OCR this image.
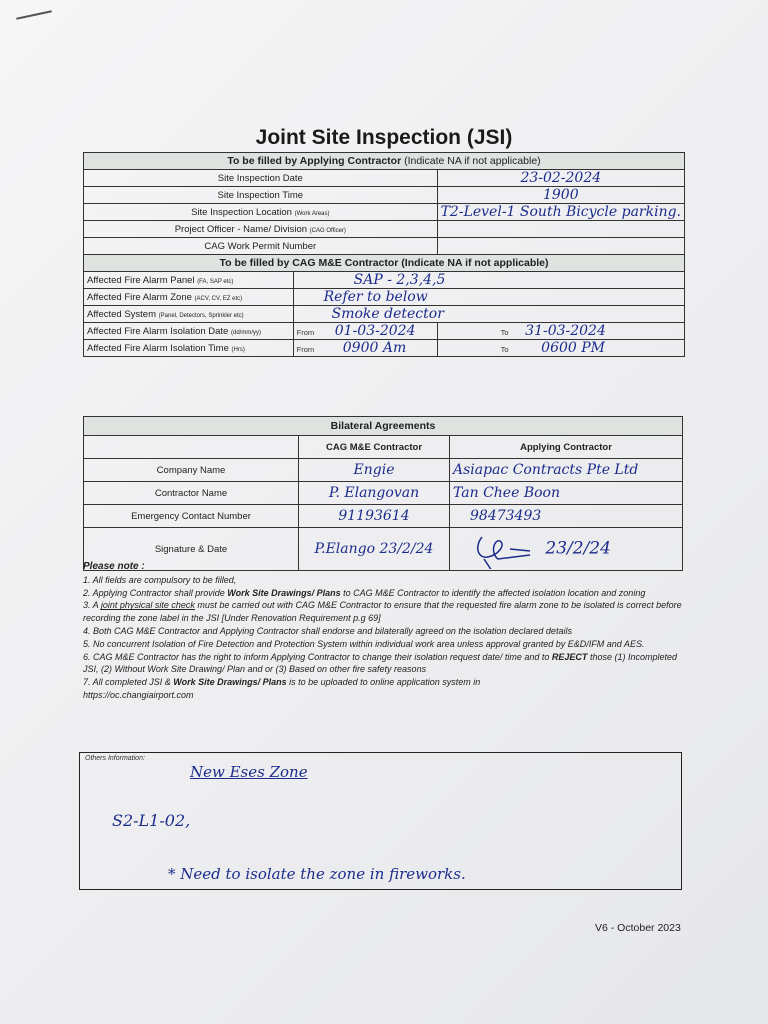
Joint Site Inspection (JSI)
To be filled by Applying Contractor (Indicate NA if not applicable)		
Site Inspection Date		23-02-2024
Site Inspection Time		1900
Site Inspection Location (Work Areas)		T2-Level-1 South Bicycle parking.
Project Officer - Name/ Division (CAG Officer)		
CAG Work Permit Number		
To be filled by CAG M&E Contractor (Indicate NA if not applicable)		
Affected Fire Alarm Panel (FA, SAP etc)	SAP - 2,3,4,5	
Affected Fire Alarm Zone (ACV, CV, EZ etc)	Refer to below	
Affected System (Panel, Detectors, Sprinkler etc)	Smoke detector	
Affected Fire Alarm Isolation Date (dd/mm/yy)	From 01-03-2024	To 31-03-2024
Affected Fire Alarm Isolation Time (Hrs)	From 0900 Am	To 0600 PM
Bilateral Agreements		
	CAG M&E Contractor	Applying Contractor
Company Name	Engie	Asiapac Contracts Pte Ltd
Contractor Name	P. Elangovan	Tan Chee Boon
Emergency Contact Number	91193614	98473493
Signature & Date	P.Elango 23/2/24	23/2/24
Please note :
1. All fields are compulsory to be filled,
2. Applying Contractor shall provide Work Site Drawings/ Plans to CAG M&E Contractor to identify the affected isolation location and zoning
3. A joint physical site check must be carried out with CAG M&E Contractor to ensure that the requested fire alarm zone to be isolated is correct before recording the zone label in the JSI [Under Renovation Requirement p.g 69]
4. Both CAG M&E Contractor and Applying Contractor shall endorse and bilaterally agreed on the isolation declared details
5. No concurrent Isolation of Fire Detection and Protection System within individual work area unless approval granted by E&D/IFM and AES.
6. CAG M&E Contractor has the right to inform Applying Contractor to change their isolation request date/ time and to REJECT those (1) Incompleted JSI, (2) Without Work Site Drawing/ Plan and or (3) Based on other fire safety reasons
7. All completed JSI & Work Site Drawings/ Plans is to be uploaded to online application system in
https://oc.changiairport.com
Others Information:
New Eses Zone
S2-L1-02,
* Need to isolate the zone in fireworks.
V6 - October 2023
